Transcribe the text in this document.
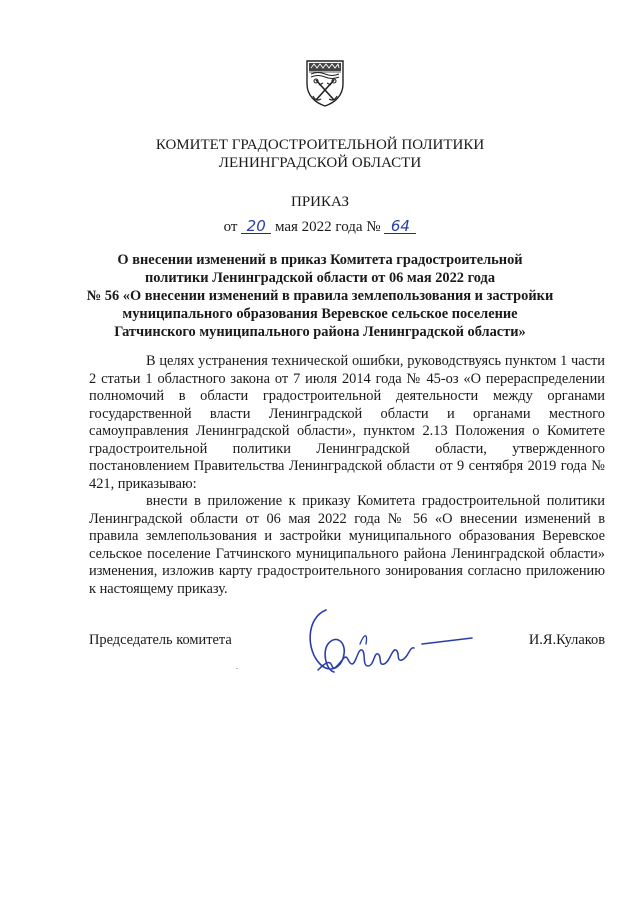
КОМИТЕТ ГРАДОСТРОИТЕЛЬНОЙ ПОЛИТИКИ
ЛЕНИНГРАДСКОЙ ОБЛАСТИ
ПРИКАЗ
от 20 мая 2022 года № 64
О внесении изменений в приказ Комитета градостроительной
политики Ленинградской области от 06 мая 2022 года
№ 56 «О внесении изменений в правила землепользования и застройки
муниципального образования Веревское сельское поселение
Гатчинского муниципального района Ленинградской области»

В целях устранения технической ошибки, руководствуясь пунктом 1 части 2 статьи 1 областного закона от 7 июля 2014 года № 45-оз «О перераспределении полномочий в области градостроительной деятельности между органами государственной власти Ленинградской области и органами местного самоуправления Ленинградской области», пунктом 2.13 Положения о Комитете градостроительной политики Ленинградской области, утвержденного постановлением Правительства Ленинградской области от 9 сентября 2019 года № 421, приказываю:

внести в приложение к приказу Комитета градостроительной политики Ленинградской области от 06 мая 2022 года № 56 «О внесении изменений в правила землепользования и застройки муниципального образования Веревское сельское поселение Гатчинского муниципального района Ленинградской области» изменения, изложив карту градостроительного зонирования согласно приложению к настоящему приказу.

Председатель комитета	И.Я.Кулаков
